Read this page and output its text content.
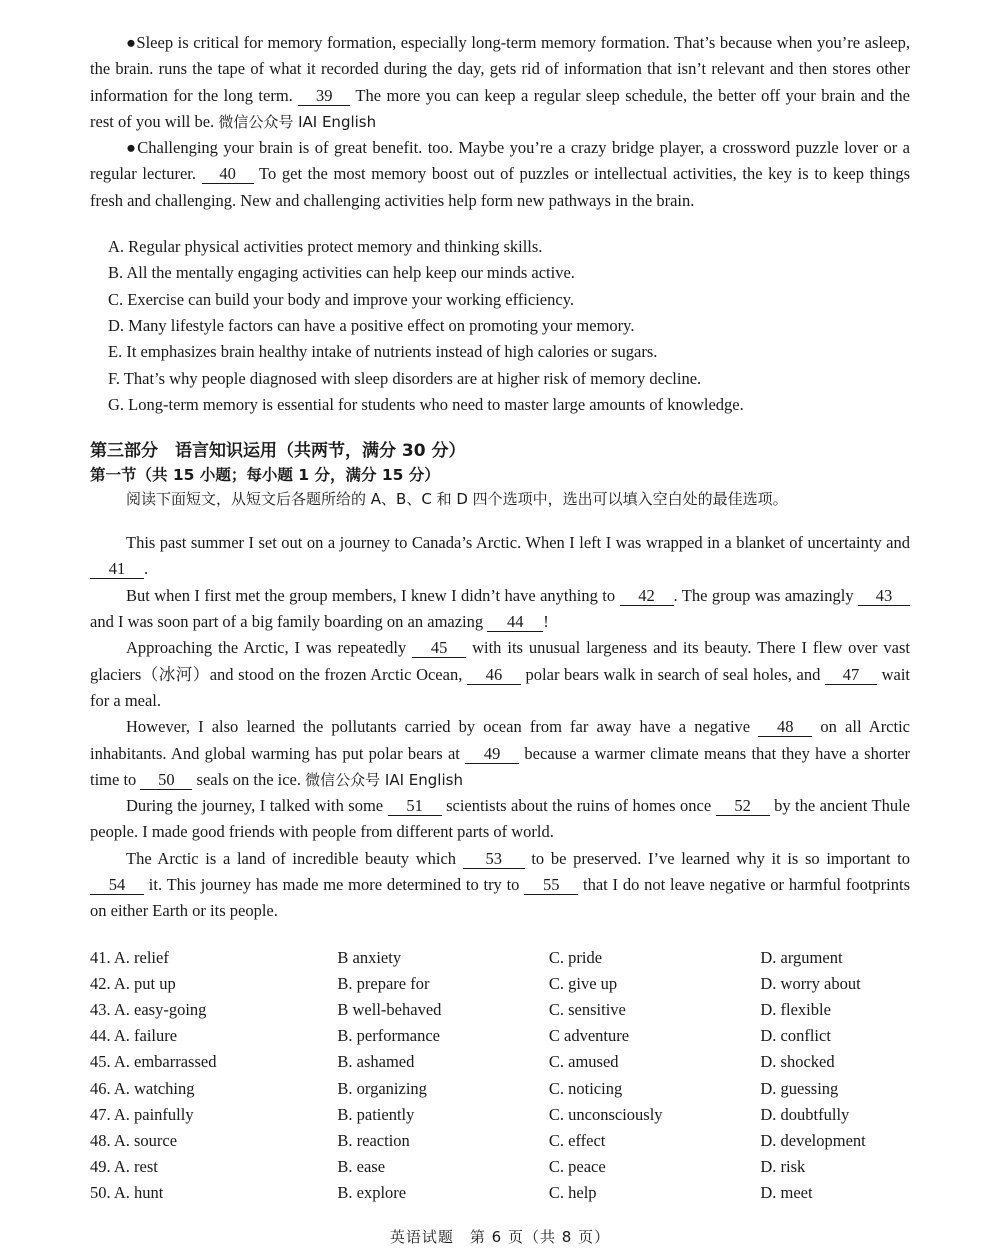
●Sleep is critical for memory formation, especially long-term memory formation. That’s because when you’re asleep, the brain. runs the tape of what it recorded during the day, gets rid of information that isn’t relevant and then stores other information for the long term. 39 The more you can keep a regular sleep schedule, the better off your brain and the rest of you will be. 微信公众号 IAI English

●Challenging your brain is of great benefit. too. Maybe you’re a crazy bridge player, a crossword puzzle lover or a regular lecturer. 40 To get the most memory boost out of puzzles or intellectual activities, the key is to keep things fresh and challenging. New and challenging activities help form new pathways in the brain.

A. Regular physical activities protect memory and thinking skills.

B. All the mentally engaging activities can help keep our minds active.

C. Exercise can build your body and improve your working efficiency.

D. Many lifestyle factors can have a positive effect on promoting your memory.

E. It emphasizes brain healthy intake of nutrients instead of high calories or sugars.

F. That’s why people diagnosed with sleep disorders are at higher risk of memory decline.

G. Long-term memory is essential for students who need to master large amounts of knowledge.

第三部分　语言知识运用（共两节，满分 30 分）
第一节（共 15 小题；每小题 1 分，满分 15 分）
阅读下面短文，从短文后各题所给的 A、B、C 和 D 四个选项中，选出可以填入空白处的最佳选项。

This past summer I set out on a journey to Canada’s Arctic. When I left I was wrapped in a blanket of uncertainty and 41 .

But when I first met the group members, I knew I didn’t have anything to 42 . The group was amazingly 43 and I was soon part of a big family boarding on an amazing 44 !

Approaching the Arctic, I was repeatedly 45 with its unusual largeness and its beauty. There I flew over vast glaciers（冰河）and stood on the frozen Arctic Ocean, 46 polar bears walk in search of seal holes, and 47 wait for a meal.

However, I also learned the pollutants carried by ocean from far away have a negative 48 on all Arctic inhabitants. And global warming has put polar bears at 49 because a warmer climate means that they have a shorter time to 50 seals on the ice. 微信公众号 IAI English

During the journey, I talked with some 51 scientists about the ruins of homes once 52 by the ancient Thule people. I made good friends with people from different parts of world.

The Arctic is a land of incredible beauty which 53 to be preserved. I’ve learned why it is so important to 54 it. This journey has made me more determined to try to 55 that I do not leave negative or harmful footprints on either Earth or its people.

41. A. relief	B anxiety	C. pride	D. argument
42. A. put up	B. prepare for	C. give up	D. worry about
43. A. easy-going	B well-behaved	C. sensitive	D. flexible
44. A. failure	B. performance	C adventure	D. conflict
45. A. embarrassed	B. ashamed	C. amused	D. shocked
46. A. watching	B. organizing	C. noticing	D. guessing
47. A. painfully	B. patiently	C. unconsciously	D. doubtfully
48. A. source	B. reaction	C. effect	D. development
49. A. rest	B. ease	C. peace	D. risk
50. A. hunt	B. explore	C. help	D. meet
英语试题　第 6 页（共 8 页）
